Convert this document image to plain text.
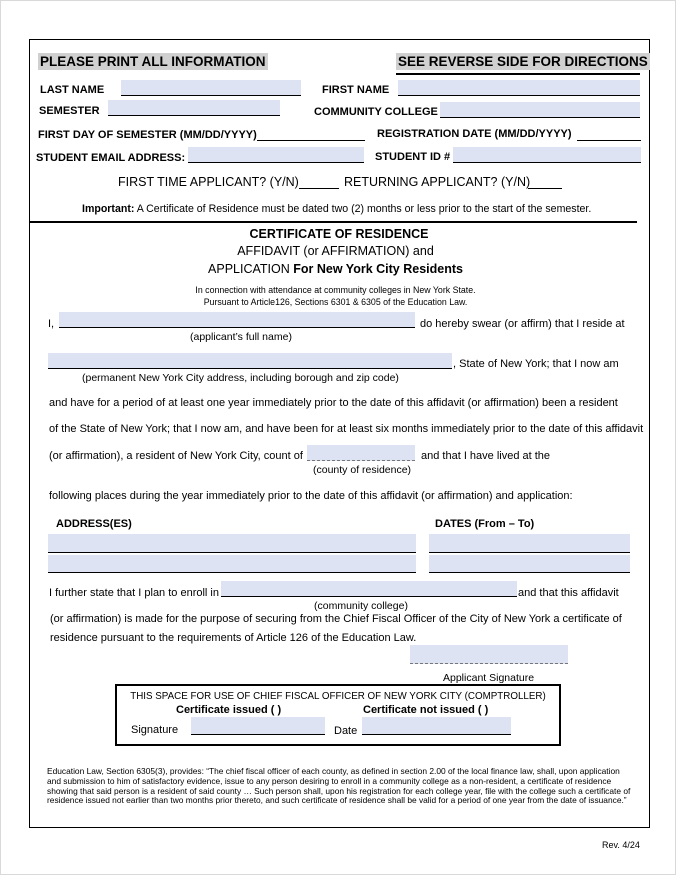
PLEASE PRINT ALL INFORMATION	SEE REVERSE SIDE FOR DIRECTIONS
LAST NAME	FIRST NAME
SEMESTER	COMMUNITY COLLEGE
FIRST DAY OF SEMESTER (MM/DD/YYYY)	REGISTRATION DATE (MM/DD/YYYY)
STUDENT EMAIL ADDRESS:	STUDENT ID #
FIRST TIME APPLICANT? (Y/N)	RETURNING APPLICANT? (Y/N)
Important: A Certificate of Residence must be dated two (2) months or less prior to the start of the semester.
CERTIFICATE OF RESIDENCE
AFFIDAVIT (or AFFIRMATION) and
APPLICATION For New York City Residents
In connection with attendance at community colleges in New York State.
Pursuant to Article126, Sections 6301 & 6305 of the Education Law.
I,	do hereby swear (or affirm) that I reside at
(applicant’s full name)
, State of New York; that I now am
(permanent New York City address, including borough and zip code)
and have for a period of at least one year immediately prior to the date of this affidavit (or affirmation) been a resident
of the State of New York; that I now am, and have been for at least six months immediately prior to the date of this affidavit
(or affirmation), a resident of New York City, count of	and that I have lived at the
(county of residence)
following places during the year immediately prior to the date of this affidavit (or affirmation) and application:
ADDRESS(ES)	DATES (From – To)
I further state that I plan to enroll in	and that this affidavit
(community college)
(or affirmation) is made for the purpose of securing from the Chief Fiscal Officer of the City of New York a certificate of
residence pursuant to the requirements of Article 126 of the Education Law.
Applicant Signature
THIS SPACE FOR USE OF CHIEF FISCAL OFFICER OF NEW YORK CITY (COMPTROLLER)
Certificate issued ( )	Certificate not issued ( )
Signature	Date
Education Law, Section 6305(3), provides: “The chief fiscal officer of each county, as defined in section 2.00 of the local finance law, shall, upon application and submission to him of satisfactory evidence, issue to any person desiring to enroll in a community college as a non-resident, a certificate of residence showing that said person is a resident of said county … Such person shall, upon his registration for each college year, file with the college such a certificate of residence issued not earlier than two months prior thereto, and such certificate of residence shall be valid for a period of one year from the date of issuance.”
Rev. 4/24
